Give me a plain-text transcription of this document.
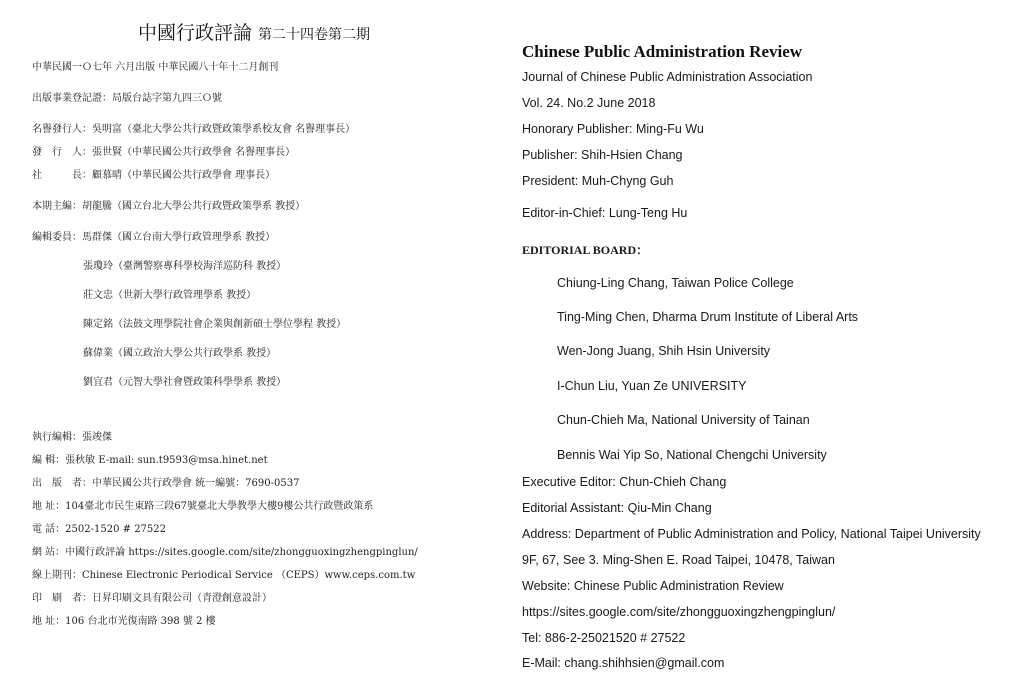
中國行政評論 第二十四卷第二期
中華民國一Ｏ七年 六月出版 中華民國八十年十二月創刊
出版事業登記證：局版台誌字第九四三Ｏ號
名譽發行人：吳明富（臺北大學公共行政暨政策學系校友會 名譽理事長）
發　行　人：張世賢（中華民國公共行政學會 名譽理事長）
社　　　長：顧慕晴（中華民國公共行政學會 理事長）
本期主編：胡龍騰（國立台北大學公共行政暨政策學系 教授）
編輯委員：馬群傑（國立台南大學行政管理學系 教授）
張瓊玲（臺灣警察專科學校海洋巡防科 教授）
莊文忠（世新大學行政管理學系 教授）
陳定銘（法鼓文理學院社會企業與創新碩士學位學程 教授）
蘇偉業（國立政治大學公共行政學系 教授）
劉宜君（元智大學社會暨政策科學學系 教授）
執行編輯：張竣傑
編 輯：張秋敏 E-mail: sun.t9593@msa.hinet.net
出　版　者：中華民國公共行政學會 統一編號：7690-0537
地 址：104臺北市民生東路三段67號臺北大學教學大樓9樓公共行政暨政策系
電 話：2502-1520 # 27522
網 站：中國行政評論 https://sites.google.com/site/zhongguoxingzhengpinglun/
線上期刊：Chinese Electronic Periodical Service （CEPS）www.ceps.com.tw
印　刷　者：日昇印刷文具有限公司（青澄創意設計）
地 址：106 台北市光復南路 398 號 2 樓
Chinese Public Administration Review
Journal of Chinese Public Administration Association
Vol. 24. No.2 June 2018
Honorary Publisher: Ming-Fu Wu
Publisher: Shih-Hsien Chang
President: Muh-Chyng Guh
Editor-in-Chief: Lung-Teng Hu
EDITORIAL BOARD：
Chiung-Ling Chang, Taiwan Police College
Ting-Ming Chen, Dharma Drum Institute of Liberal Arts
Wen-Jong Juang, Shih Hsin University
I-Chun Liu, Yuan Ze UNIVERSITY
Chun-Chieh Ma, National University of Tainan
Bennis Wai Yip So, National Chengchi University
Executive Editor: Chun-Chieh Chang
Editorial Assistant: Qiu-Min Chang
Address: Department of Public Administration and Policy, National Taipei University
9F, 67, See 3. Ming-Shen E. Road Taipei, 10478, Taiwan
Website: Chinese Public Administration Review
https://sites.google.com/site/zhongguoxingzhengpinglun/
Tel: 886-2-25021520 # 27522
E-Mail: chang.shihhsien@gmail.com
